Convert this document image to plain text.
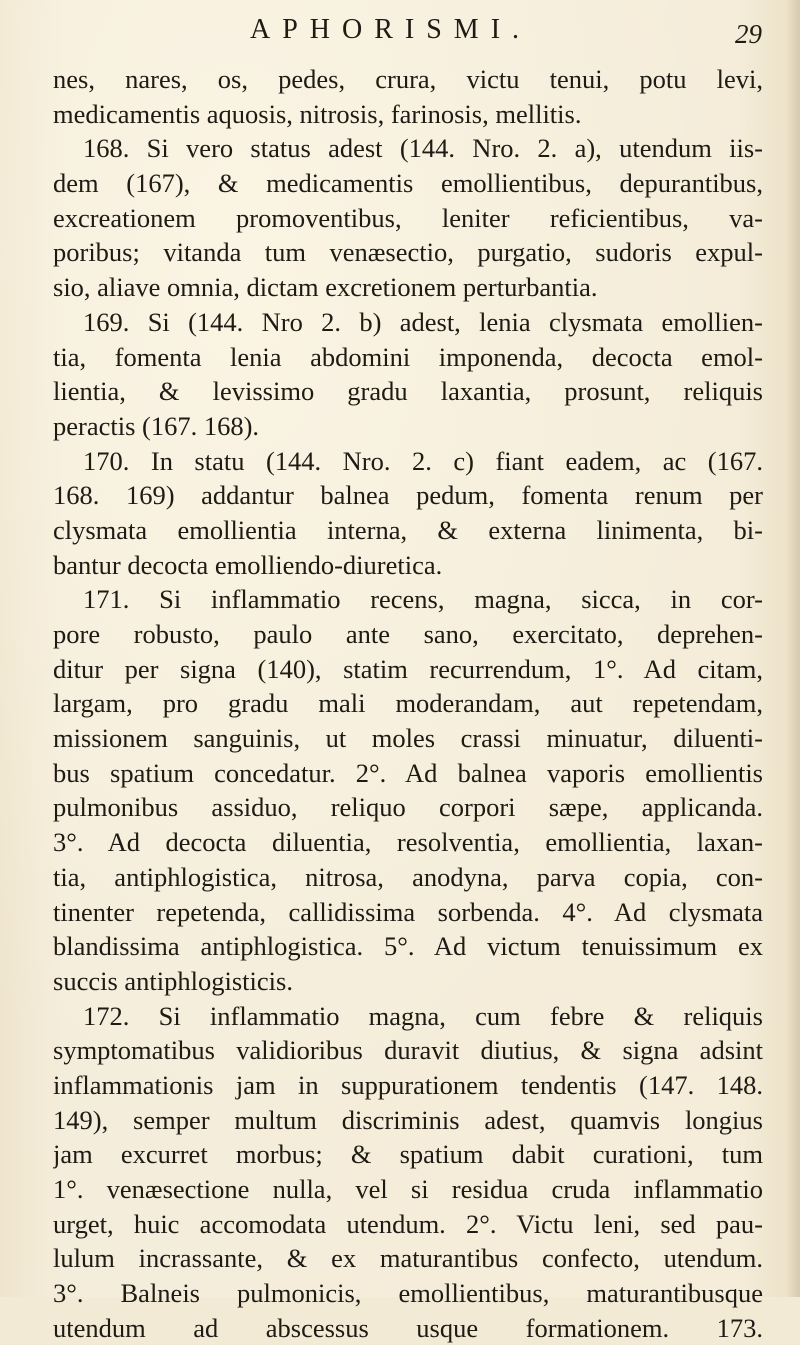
APHORISMI.	29
nes, nares, os, pedes, crura, victu tenui, potu levi,
medicamentis aquosis, nitrosis, farinosis, mellitis.
168. Si vero status adest (144. Nro. 2. a), utendum iis-
dem (167), & medicamentis emollientibus, depurantibus,
excreationem promoventibus, leniter reficientibus, va-
poribus; vitanda tum venæsectio, purgatio, sudoris expul-
sio, aliave omnia, dictam excretionem perturbantia.
169. Si (144. Nro 2. b) adest, lenia clysmata emollien-
tia, fomenta lenia abdomini imponenda, decocta emol-
lientia, & levissimo gradu laxantia, prosunt, reliquis
peractis (167. 168).
170. In statu (144. Nro. 2. c) fiant eadem, ac (167.
168. 169) addantur balnea pedum, fomenta renum per
clysmata emollientia interna, & externa linimenta, bi-
bantur decocta emolliendo-diuretica.
171. Si inflammatio recens, magna, sicca, in cor-
pore robusto, paulo ante sano, exercitato, deprehen-
ditur per signa (140), statim recurrendum, 1°. Ad citam,
largam, pro gradu mali moderandam, aut repetendam,
missionem sanguinis, ut moles crassi minuatur, diluenti-
bus spatium concedatur. 2°. Ad balnea vaporis emollientis
pulmonibus assiduo, reliquo corpori sæpe, applicanda.
3°. Ad decocta diluentia, resolventia, emollientia, laxan-
tia, antiphlogistica, nitrosa, anodyna, parva copia, con-
tinenter repetenda, callidissima sorbenda. 4°. Ad clysmata
blandissima antiphlogistica. 5°. Ad victum tenuissimum ex
succis antiphlogisticis.
172. Si inflammatio magna, cum febre & reliquis
symptomatibus validioribus duravit diutius, & signa adsint
inflammationis jam in suppurationem tendentis (147. 148.
149), semper multum discriminis adest, quamvis longius
jam excurret morbus; & spatium dabit curationi, tum
1°. venæsectione nulla, vel si residua cruda inflammatio
urget, huic accomodata utendum. 2°. Victu leni, sed pau-
lulum incrassante, & ex maturantibus confecto, utendum.
3°. Balneis pulmonicis, emollientibus, maturantibusque
utendum ad abscessus usque formationem. 173.
